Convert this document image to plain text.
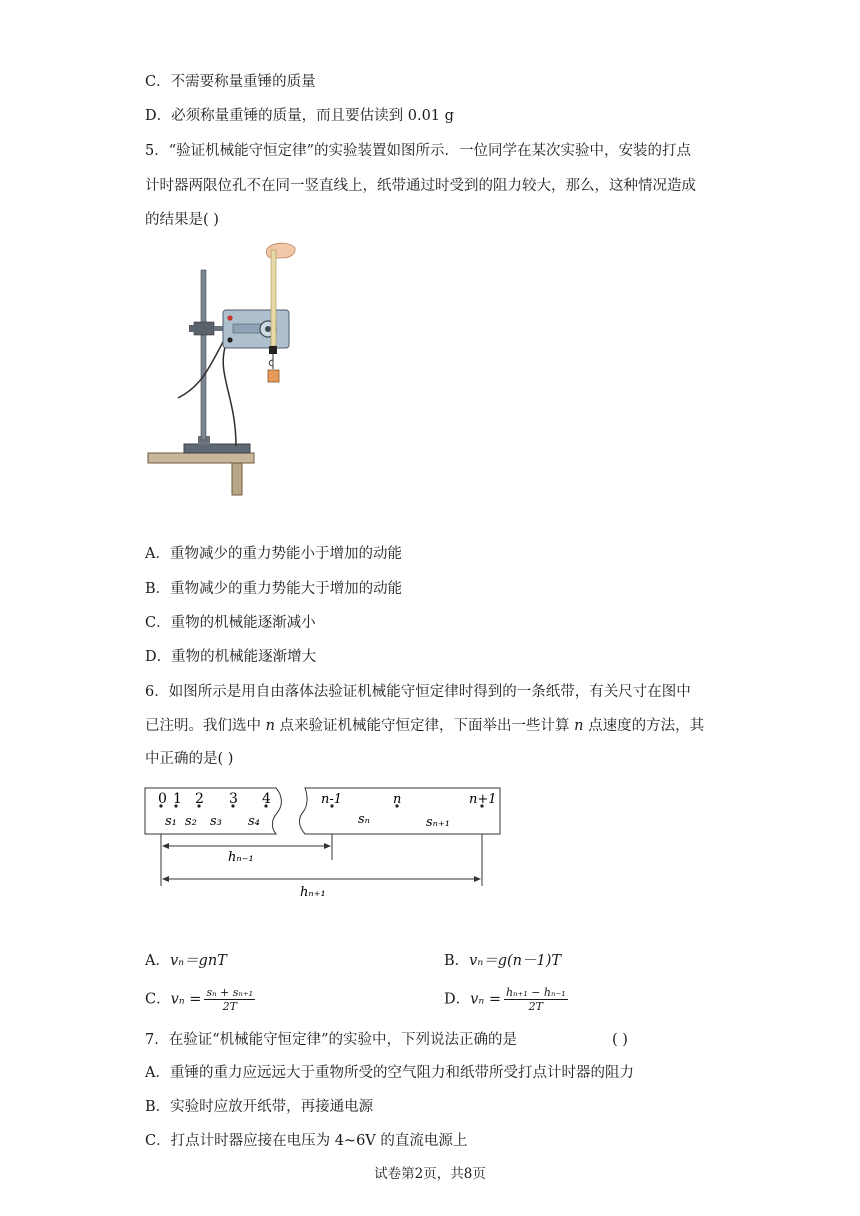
C．不需要称量重锤的质量
D．必须称量重锤的质量，而且要估读到 0.01 g
5．“验证机械能守恒定律”的实验装置如图所示．一位同学在某次实验中，安装的打点
计时器两限位孔不在同一竖直线上，纸带通过时受到的阻力较大，那么，这种情况造成
的结果是( )
A．重物减少的重力势能小于增加的动能
B．重物减少的重力势能大于增加的动能
C．重物的机械能逐渐减小
D．重物的机械能逐渐增大
6．如图所示是用自由落体法验证机械能守恒定律时得到的一条纸带，有关尺寸在图中
已注明。我们选中 n 点来验证机械能守恒定律，下面举出一些计算 n 点速度的方法，其
中正确的是( )
0 1 2 3 4	n-1	n	n+1
s₁ s₂ s₃ s₄	sₙ	sₙ₊₁
hₙ₋₁
hₙ₊₁
A．vₙ＝gnT	B．vₙ＝g(n－1)T
C．$v_n = \frac{\text{sₙ + sₙ₊₁}}{2T}$	D．$v_n = \frac{\text{hₙ₊₁ − hₙ₋₁}}{2T}$
7．在验证“机械能守恒定律”的实验中，下列说法正确的是	( )
A．重锤的重力应远远大于重物所受的空气阻力和纸带所受打点计时器的阻力
B．实验时应放开纸带，再接通电源
C．打点计时器应接在电压为 4~6V 的直流电源上
试卷第2页，共8页
